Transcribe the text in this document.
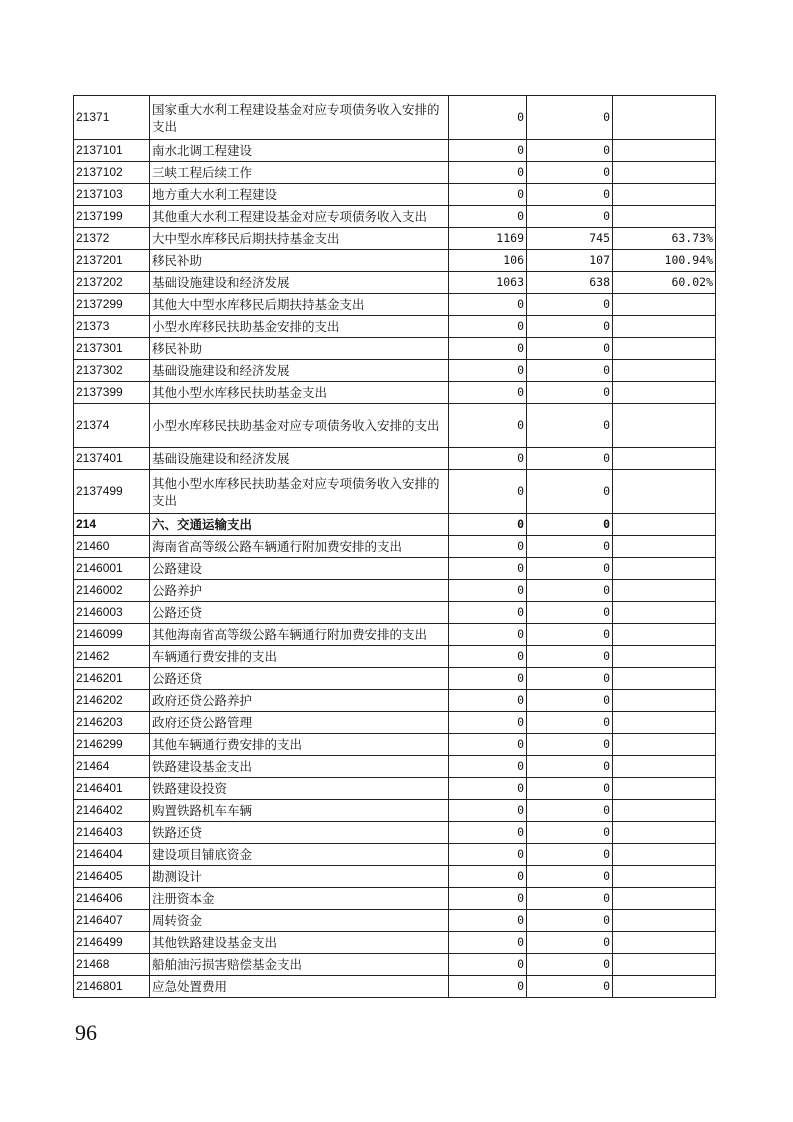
21371	国家重大水利工程建设基金对应专项债务收入安排的支出	0	0	
2137101	南水北调工程建设	0	0	
2137102	三峡工程后续工作	0	0	
2137103	地方重大水利工程建设	0	0	
2137199	其他重大水利工程建设基金对应专项债务收入支出	0	0	
21372	大中型水库移民后期扶持基金支出	1169	745	63.73%
2137201	移民补助	106	107	100.94%
2137202	基础设施建设和经济发展	1063	638	60.02%
2137299	其他大中型水库移民后期扶持基金支出	0	0	
21373	小型水库移民扶助基金安排的支出	0	0	
2137301	移民补助	0	0	
2137302	基础设施建设和经济发展	0	0	
2137399	其他小型水库移民扶助基金支出	0	0	
21374	小型水库移民扶助基金对应专项债务收入安排的支出	0	0	
2137401	基础设施建设和经济发展	0	0	
2137499	其他小型水库移民扶助基金对应专项债务收入安排的支出	0	0	
214	六、交通运输支出	0	0	
21460	海南省高等级公路车辆通行附加费安排的支出	0	0	
2146001	公路建设	0	0	
2146002	公路养护	0	0	
2146003	公路还贷	0	0	
2146099	其他海南省高等级公路车辆通行附加费安排的支出	0	0	
21462	车辆通行费安排的支出	0	0	
2146201	公路还贷	0	0	
2146202	政府还贷公路养护	0	0	
2146203	政府还贷公路管理	0	0	
2146299	其他车辆通行费安排的支出	0	0	
21464	铁路建设基金支出	0	0	
2146401	铁路建设投资	0	0	
2146402	购置铁路机车车辆	0	0	
2146403	铁路还贷	0	0	
2146404	建设项目铺底资金	0	0	
2146405	勘测设计	0	0	
2146406	注册资本金	0	0	
2146407	周转资金	0	0	
2146499	其他铁路建设基金支出	0	0	
21468	船舶油污损害赔偿基金支出	0	0	
2146801	应急处置费用	0	0	
96
